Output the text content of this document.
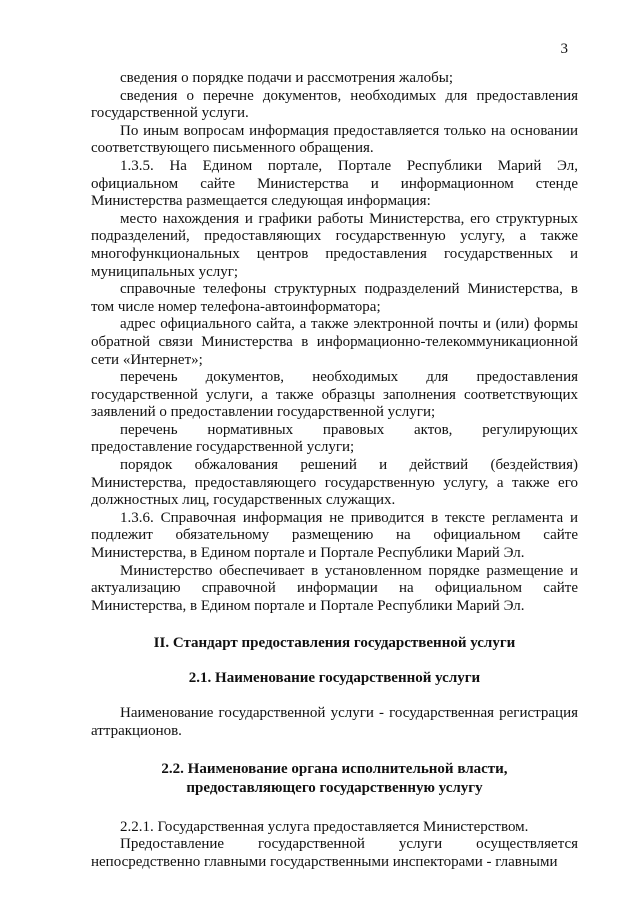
3

сведения о порядке подачи и рассмотрения жалобы;

сведения о перечне документов, необходимых для предоставления государственной услуги.

По иным вопросам информация предоставляется только на основании соответствующего письменного обращения.

1.3.5. На Едином портале, Портале Республики Марий Эл, официальном сайте Министерства и информационном стенде Министерства размещается следующая информация:

место нахождения и графики работы Министерства, его структурных подразделений, предоставляющих государственную услугу, а также многофункциональных центров предоставления государственных и муниципальных услуг;

справочные телефоны структурных подразделений Министерства, в том числе номер телефона-автоинформатора;

адрес официального сайта, а также электронной почты и (или) формы обратной связи Министерства в информационно-телекоммуникационной сети «Интернет»;

перечень документов, необходимых для предоставления государственной услуги, а также образцы заполнения соответствующих заявлений о предоставлении государственной услуги;

перечень нормативных правовых актов, регулирующих предоставление государственной услуги;

порядок обжалования решений и действий (бездействия) Министерства, предоставляющего государственную услугу, а также его должностных лиц, государственных служащих.

1.3.6. Справочная информация не приводится в тексте регламента и подлежит обязательному размещению на официальном сайте Министерства, в Едином портале и Портале Республики Марий Эл.

Министерство обеспечивает в установленном порядке размещение и актуализацию справочной информации на официальном сайте Министерства, в Едином портале и Портале Республики Марий Эл.

II. Стандарт предоставления государственной услуги

2.1. Наименование государственной услуги

Наименование государственной услуги - государственная регистрация аттракционов.

2.2. Наименование органа исполнительной власти,

предоставляющего государственную услугу

2.2.1. Государственная услуга предоставляется Министерством.

Предоставление государственной услуги осуществляется непосредственно главными государственными инспекторами - главными
